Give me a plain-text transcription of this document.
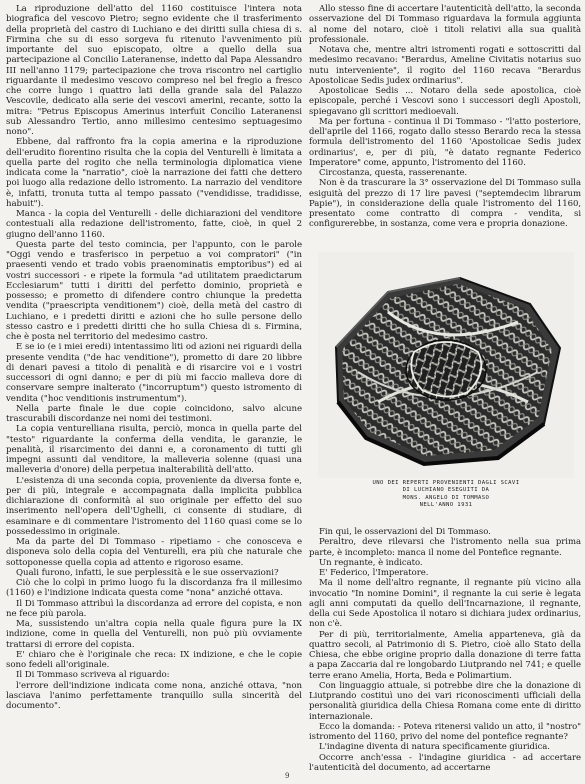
La riproduzione dell'atto del 1160 costituisce l'intera nota biografica del vescovo Pietro; segno evidente che il trasferimento della proprietà del castro di Luchiano e dei diritti sulla chiesa di s. Firmina che su di esso sorgeva fu ritenuto l'avvenimento più importante del suo episcopato, oltre a quello della sua partecipazione al Concilio Lateranense, indetto dal Papa Alessandro III nell'anno 1179; partecipazione che trova riscontro nel cartiglio riguardante il medesimo vescovo compreso nel bel fregio a fresco che corre lungo i quattro lati della grande sala del Palazzo Vescovile, dedicato alla serie dei vescovi amerini, recante, sotto la mitra: "Petrus Episcopus Amerinus interfuit Concilio Lateranensi sub Alessandro Tertio, anno millesimo centesimo septuagesimo nono".

Ebbene, dal raffronto fra la copia amerina e la riproduzione dell'erudito fiorentino risulta che la copia del Venturelli è limitata a quella parte del rogito che nella terminologia diplomatica viene indicata come la "narratio", cioè la narrazione dei fatti che dettero poi luogo alla redazione dello istromento. La narrazio del venditore è, infatti, tronuta tutta al tempo passato ("vendidisse, tradidisse, habuit").

Manca - la copia del Venturelli - delle dichiarazioni del venditore contestuali alla redazione dell'istromento, fatte, cioè, in quel 2 giugno dell'anno 1160.

Questa parte del testo comincia, per l'appunto, con le parole "Oggi vendo e trasferisco in perpetuo a voi compratori" ("in praesenti vendo et trado vobis praenominatis emptoribus") ed ai vostri successori - e ripete la formula "ad utilitatem praedictarum Ecclesiarum" tutti i diritti del perfetto dominio, proprietà e possesso; e prometto di difendere contro chiunque la predetta vendita ("praescripta venditionem") cioè, della metà del castro di Luchiano, e i predetti diritti e azioni che ho sulle persone dello stesso castro e i predetti diritti che ho sulla Chiesa di s. Firmina, che è posta nel territorio del medesimo castro.

E se io (e i miei eredi) intentassimo liti od azioni nei riguardi della presente vendita ("de hac venditione"), prometto di dare 20 libbre di denari pavesi a titolo di penalità e di risarcire voi e i vostri successori di ogni danno; e per di più mi faccio malleva dore di conservare sempre inalterato ("incorruptum") questo istromento di vendita ("hoc venditionis instrumentum").

Nella parte finale le due copie coincidono, salvo alcune trascurabili discordanze nei nomi dei testimoni.

La copia venturelliana risulta, perciò, monca in quella parte del "testo" riguardante la conferma della vendita, le garanzie, le penalità, il risarcimento dei danni e, a coronamento di tutti gli impegni assunti dal venditore, la malleveria solenne (quasi una malleveria d'onore) della perpetua inalterabilità dell'atto.

L'esistenza di una seconda copia, proveniente da diversa fonte e, per di più, integrale e accompagnata dalla implicita pubblica dichiarazione di conformità al suo originale per effetto del suo inserimento nell'opera dell'Ughelli, ci consente di studiare, di esaminare e di commentare l'istromento del 1160 quasi come se lo possedessimo in originale.

Ma da parte del Di Tommaso - ripetiamo - che conosceva e disponeva solo della copia del Venturelli, era più che naturale che sottoponesse quella copia ad attento e rigoroso esame.

Quali furono, infatti, le sue perplessità e le sue osservazioni?

Ciò che lo colpì in primo luogo fu la discordanza fra il millesimo (1160) e l'indizione indicata questa come "nona" anziché ottava.

Il Di Tommaso attribuì la discordanza ad errore del copista, e non ne fece più parola.

Ma, sussistendo un'altra copia nella quale figura pure la IX indizione, come in quella del Venturelli, non può più ovviamente trattarsi di errore del copista.

E' chiaro che è l'originale che reca: IX indizione, e che le copie sono fedeli all'originale.

Il Di Tommaso scriveva al riguardo:

l'errore dell'indizione indicata come nona, anziché ottava, "non lasciava l'animo perfettamente tranquillo sulla sincerità del documento".

Allo stesso fine di accertare l'autenticità dell'atto, la seconda osservazione del Di Tommaso riguardava la formula aggiunta al nome del notaro, cioè i titoli relativi alla sua qualità professionale.

Notava che, mentre altri istromenti rogati e sottoscritti dal medesimo recavano: "Berardus, Ameline Civitatis notarius suo nutu interveniente", il rogito del 1160 recava "Berardus Apostolicae Sedis judex ordinarius".

Apostolicae Sedis ... Notaro della sede apostolica, cioè episcopale, perché i Vescovi sono i successori degli Apostoli, spiegavano gli scrittori medioevali.

Ma per fortuna - continua il Di Tommaso - "l'atto posteriore, dell'aprile del 1166, rogato dallo stesso Berardo reca la stessa formula dell'istromento del 1160 'Apostolicae Sedis judex ordinarius', e, per di più, "è datato regnante Federico Imperatore" come, appunto, l'istromento del 1160.

Circostanza, questa, rasserenante.

Non è da trascurare la 3° osservazione del Di Tommaso sulla esiguità del prezzo di 17 lire pavesi ("septemdecim librarum Papie"), in considerazione della quale l'istromento del 1160, presentato come contratto di compra - vendita, si configurerebbe, in sostanza, come vera e propria donazione.

UNO DEI REPERTI PROVENIENTI DAGLI SCAVI
DI LUCHIANO ESEGUITI DA
MONS. ANGELO DI TOMMASO
NELL'ANNO 1931

Fin qui, le osservazioni del Di Tommaso.

Peraltro, deve rilevarsi che l'istromento nella sua prima parte, è incompleto: manca il nome del Pontefice regnante.

Un regnante, è indicato.

E' Federico, l'Imperatore.

Ma il nome dell'altro regnante, il regnante più vicino alla invocatio "In nomine Domini", il regnante la cui serie è legata agli anni computati da quello dell'Incarnazione, il regnante, della cui Sede Apostolica il notaro si dichiara judex ordinarius, non c'è.

Per di più, territorialmente, Amelia apparteneva, già da quattro secoli, al Patrimonio di S. Pietro, cioè allo Stato della Chiesa, che ebbe origine proprio dalla donazione di terre fatta a papa Zaccaria dal re longobardo Liutprando nel 741; e quelle terre erano Amelia, Horta, Beda e Polimartium.

Con linguaggio attuale, si potrebbe dire che la donazione di Liutprando costituì uno dei vari riconoscimenti ufficiali della personalità giuridica della Chiesa Romana come ente di diritto internazionale.

Ecco la domanda: - Poteva ritenersi valido un atto, il "nostro" istromento del 1160, privo del nome del pontefice regnante?

L'indagine diventa di natura specificamente giuridica.

Occorre anch'essa - l'indagine giuridica - ad accertare l'autenticità del documento, ad accertarne

9
